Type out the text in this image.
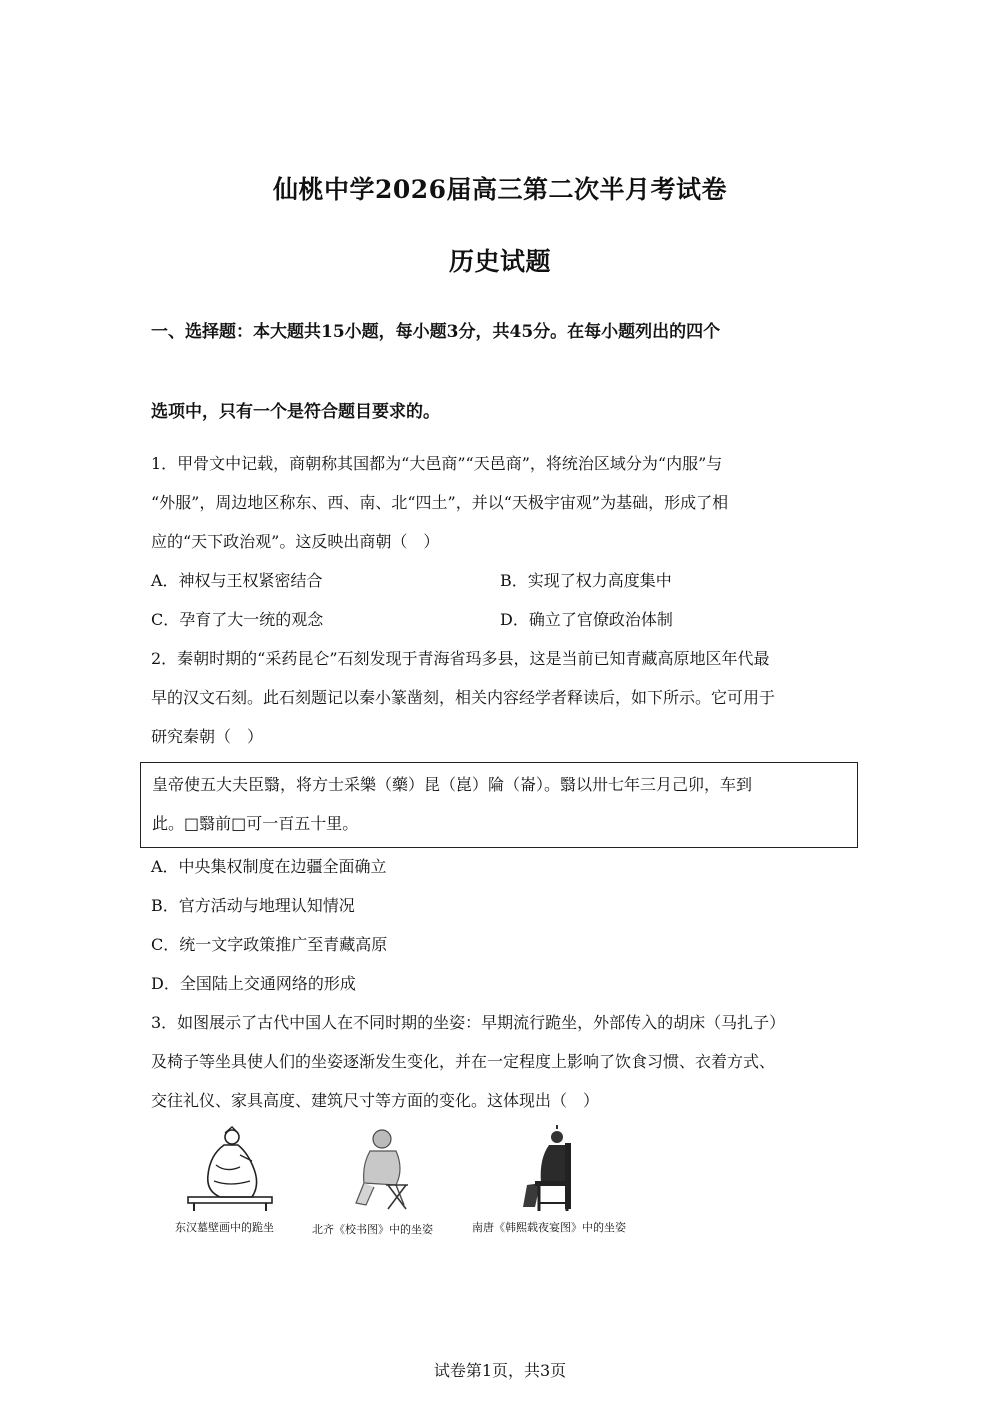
仙桃中学2026届高三第二次半月考试卷
历史试题
一、选择题：本大题共15小题，每小题3分，共45分。在每小题列出的四个
选项中，只有一个是符合题目要求的。
1．甲骨文中记载，商朝称其国都为“大邑商”“天邑商”，将统治区域分为“内服”与
“外服”，周边地区称东、西、南、北“四土”，并以“天极宇宙观”为基础，形成了相
应的“天下政治观”。这反映出商朝（　）
A．神权与王权紧密结合	B．实现了权力高度集中
C．孕育了大一统的观念	D．确立了官僚政治体制
2．秦朝时期的“采药昆仑”石刻发现于青海省玛多县，这是当前已知青藏高原地区年代最
早的汉文石刻。此石刻题记以秦小篆凿刻，相关内容经学者释读后，如下所示。它可用于
研究秦朝（　）
皇帝使五大夫臣翳，将方士采樂（藥）昆（崑）陯（崙）。翳以卅七年三月己卯，车到
此。□翳前□可一百五十里。
A．中央集权制度在边疆全面确立
B．官方活动与地理认知情况
C．统一文字政策推广至青藏高原
D．全国陆上交通网络的形成
3．如图展示了古代中国人在不同时期的坐姿：早期流行跪坐，外部传入的胡床（马扎子）
及椅子等坐具使人们的坐姿逐渐发生变化，并在一定程度上影响了饮食习惯、衣着方式、
交往礼仪、家具高度、建筑尺寸等方面的变化。这体现出（　）
东汉墓壁画中的跪坐	北齐《校书图》中的坐姿	南唐《韩熙载夜宴图》中的坐姿
试卷第1页，共3页
